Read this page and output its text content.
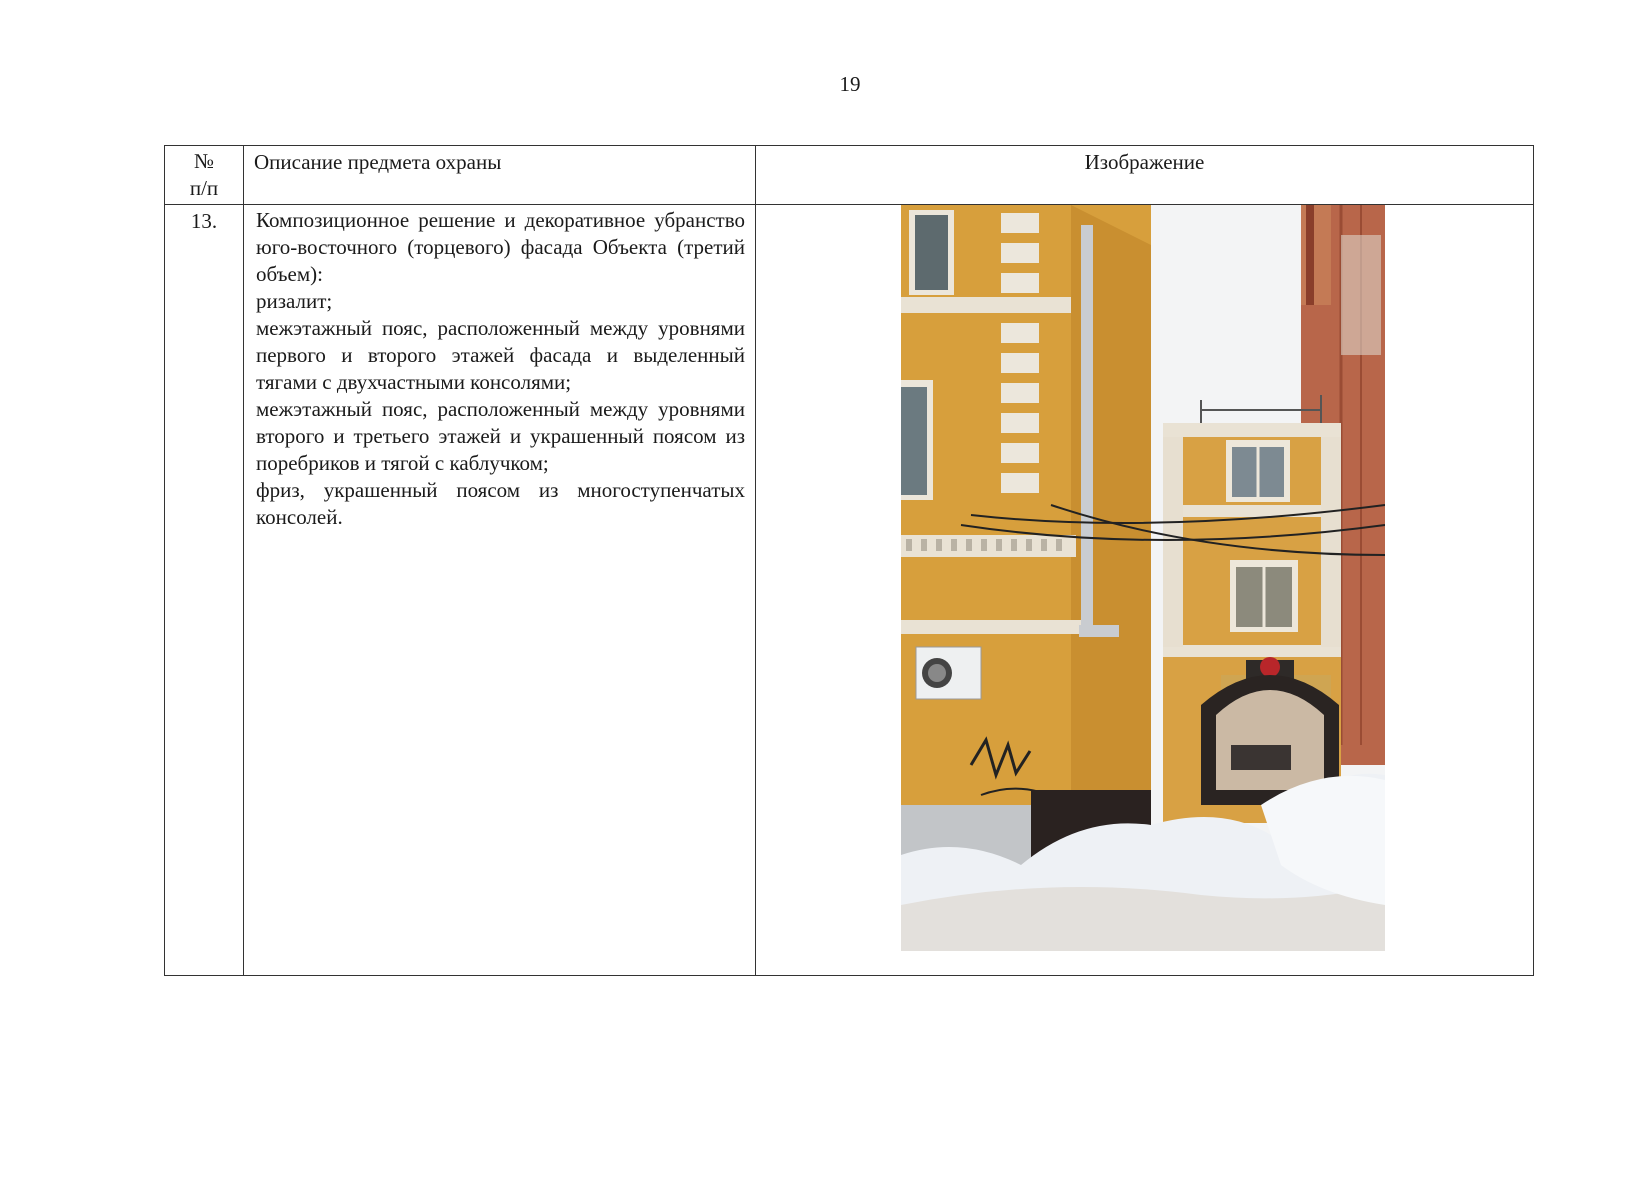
19
№
п/п	Описание предмета охраны	Изображение
13.	Композиционное решение и декоративное убранство юго-восточного (торцевого) фасада Объекта (третий объем):

ризалит;

межэтажный пояс, расположенный между уровнями первого и второго этажей фасада и выделенный тягами с двухчастными консолями;

межэтажный пояс, расположенный между уровнями второго и третьего этажей и украшенный поясом из поребриков и тягой с каблучком;

фриз, украшенный поясом из многоступенчатых консолей.
